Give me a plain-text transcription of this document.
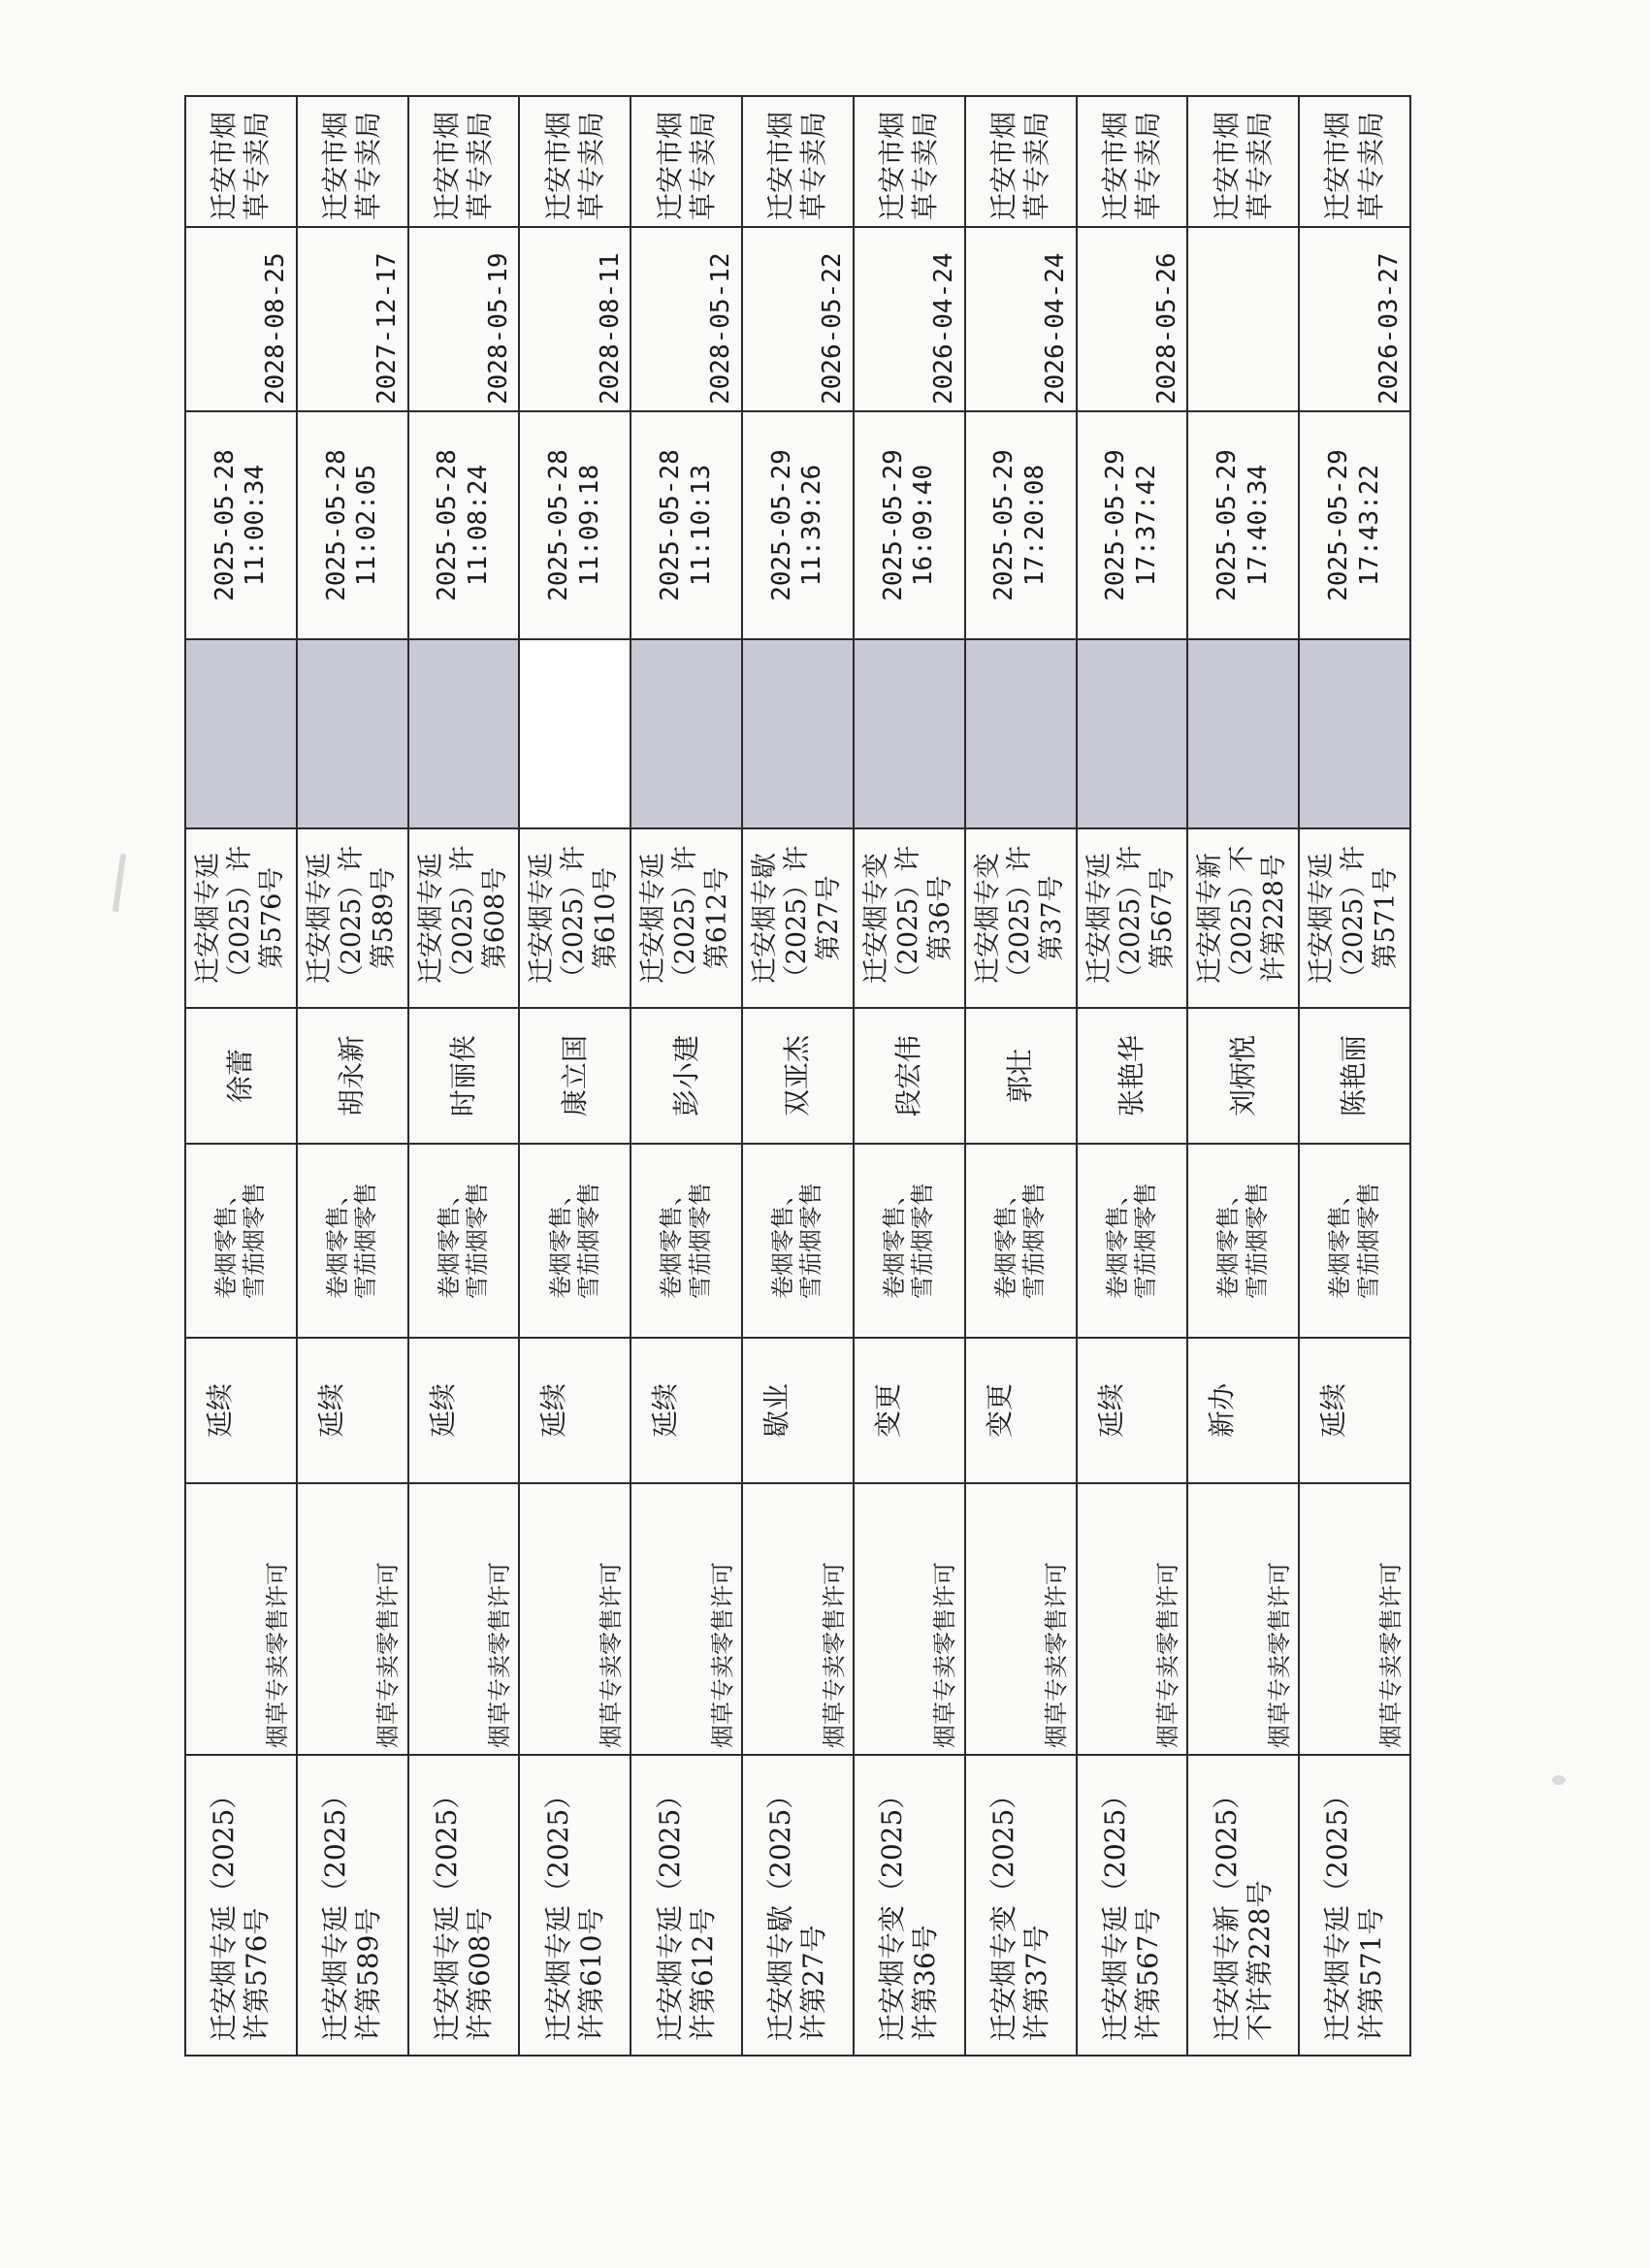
迁安烟专延（2025）
许第576号	烟草专卖零售许可	延续	卷烟零售、
雪茄烟零售	徐蕾	迁安烟专延
（2025）许
第576号		2025-05-28
11:00:34	2028-08-25	迁安市烟草专卖局
迁安烟专延（2025）
许第589号	烟草专卖零售许可	延续	卷烟零售、
雪茄烟零售	胡永新	迁安烟专延
（2025）许
第589号		2025-05-28
11:02:05	2027-12-17	迁安市烟草专卖局
迁安烟专延（2025）
许第608号	烟草专卖零售许可	延续	卷烟零售、
雪茄烟零售	时丽侠	迁安烟专延
（2025）许
第608号		2025-05-28
11:08:24	2028-05-19	迁安市烟草专卖局
迁安烟专延（2025）
许第610号	烟草专卖零售许可	延续	卷烟零售、
雪茄烟零售	康立国	迁安烟专延
（2025）许
第610号		2025-05-28
11:09:18	2028-08-11	迁安市烟草专卖局
迁安烟专延（2025）
许第612号	烟草专卖零售许可	延续	卷烟零售、
雪茄烟零售	彭小建	迁安烟专延
（2025）许
第612号		2025-05-28
11:10:13	2028-05-12	迁安市烟草专卖局
迁安烟专歇（2025）
许第27号	烟草专卖零售许可	歇业	卷烟零售、
雪茄烟零售	双亚杰	迁安烟专歇
（2025）许
第27号		2025-05-29
11:39:26	2026-05-22	迁安市烟草专卖局
迁安烟专变（2025）
许第36号	烟草专卖零售许可	变更	卷烟零售、
雪茄烟零售	段宏伟	迁安烟专变
（2025）许
第36号		2025-05-29
16:09:40	2026-04-24	迁安市烟草专卖局
迁安烟专变（2025）
许第37号	烟草专卖零售许可	变更	卷烟零售、
雪茄烟零售	郭壮	迁安烟专变
（2025）许
第37号		2025-05-29
17:20:08	2026-04-24	迁安市烟草专卖局
迁安烟专延（2025）
许第567号	烟草专卖零售许可	延续	卷烟零售、
雪茄烟零售	张艳华	迁安烟专延
（2025）许
第567号		2025-05-29
17:37:42	2028-05-26	迁安市烟草专卖局
迁安烟专新（2025）
不许第228号	烟草专卖零售许可	新办	卷烟零售、
雪茄烟零售	刘炳悦	迁安烟专新
（2025）不
许第228号		2025-05-29
17:40:34		迁安市烟草专卖局
迁安烟专延（2025）
许第571号	烟草专卖零售许可	延续	卷烟零售、
雪茄烟零售	陈艳丽	迁安烟专延
（2025）许
第571号		2025-05-29
17:43:22	2026-03-27	迁安市烟草专卖局
